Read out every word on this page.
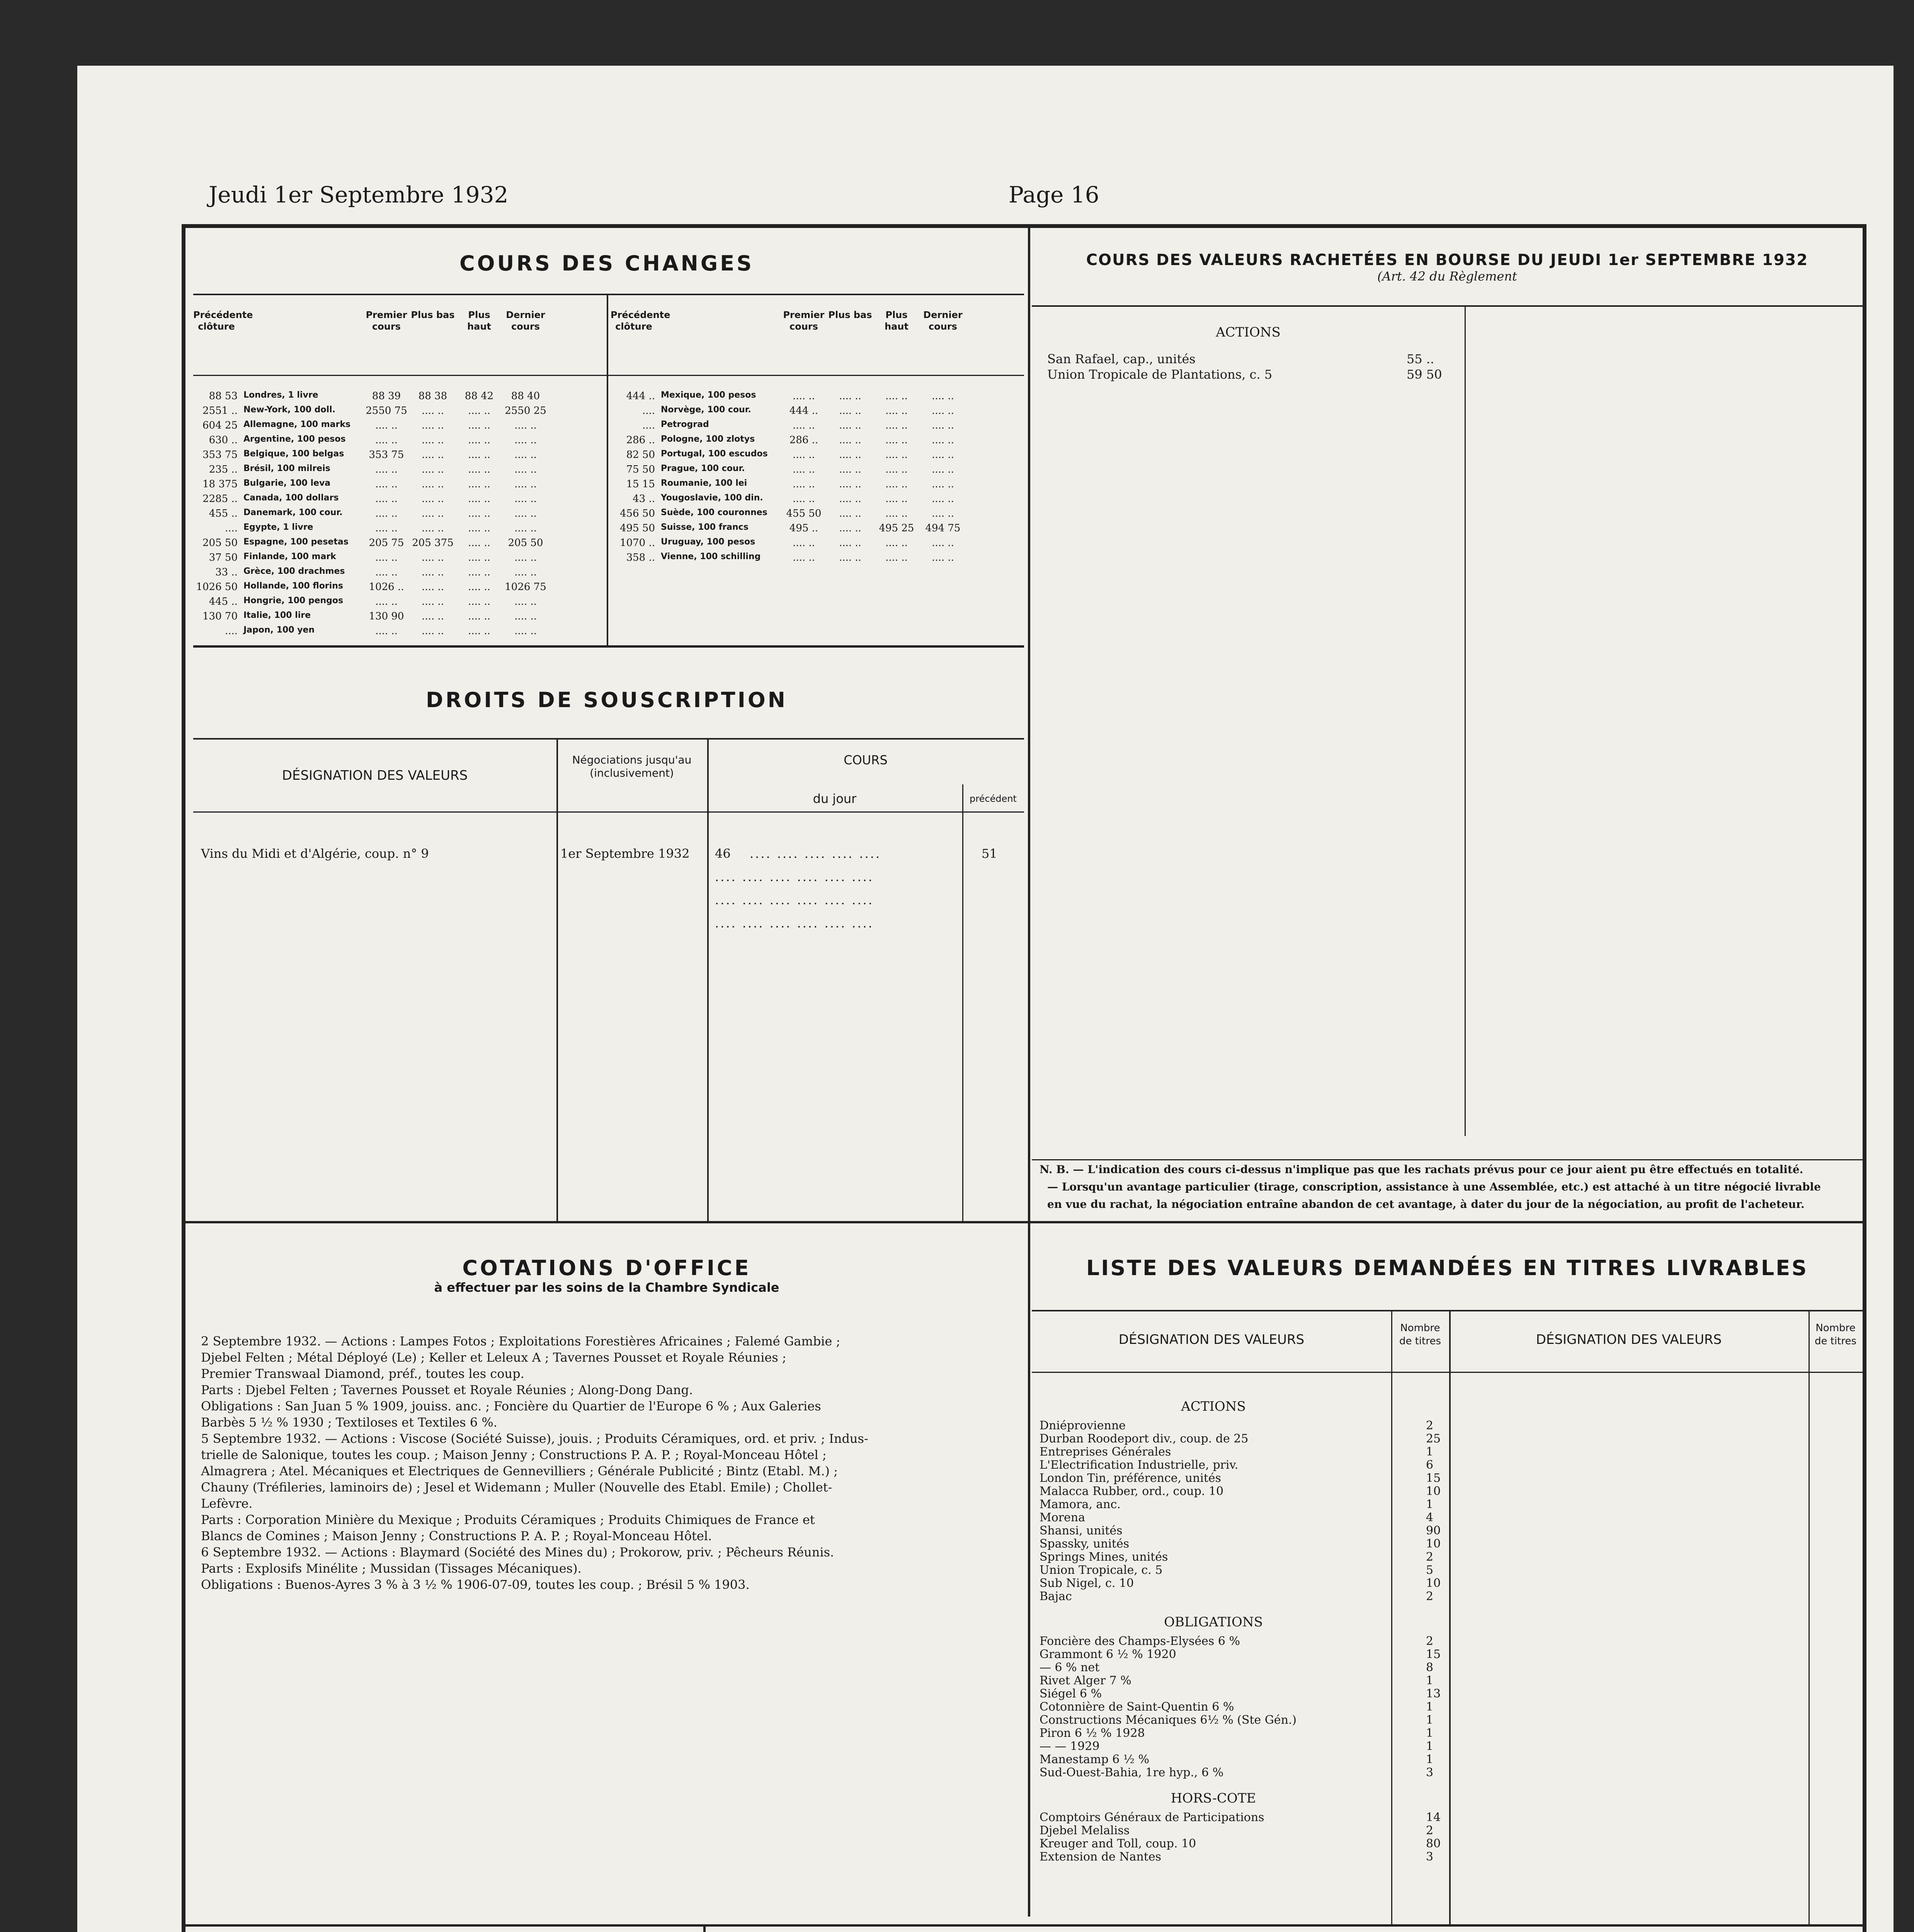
Jeudi 1er Septembre 1932	Page 16
COURS DES CHANGES
Précédente clôture
Premier cours
Plus bas	Plus haut
Dernier cours
88 53 Londres, 1 livre	88 39	88 38	88 42	88 40
2551 .. New-York, 100 doll.	2550 75	.... ..	.... ..	2550 25
604 25 Allemagne, 100 marks	.... ..	.... ..	.... ..	.... ..
630 .. Argentine, 100 pesos	.... ..	.... ..	.... ..	.... ..
353 75 Belgique, 100 belgas	353 75	.... ..	.... ..	.... ..
235 .. Brésil, 100 milreis	.... ..	.... ..	.... ..	.... ..
18 375 Bulgarie, 100 leva	.... ..	.... ..	.... ..	.... ..
2285 .. Canada, 100 dollars	.... ..	.... ..	.... ..	.... ..
455 .. Danemark, 100 cour.	.... ..	.... ..	.... ..	.... ..
.... Egypte, 1 livre	.... ..	.... ..	.... ..	.... ..
205 50 Espagne, 100 pesetas	205 75 205 375	.... ..	205 50
37 50 Finlande, 100 mark	.... ..	.... ..	.... ..	.... ..
33 .. Grèce, 100 drachmes	.... ..	.... ..	.... ..	.... ..
1026 50 Hollande, 100 florins	1026 ..	.... ..	.... ..	1026 75
445 .. Hongrie, 100 pengos	.... ..	.... ..	.... ..	.... ..
130 70 Italie, 100 lire	130 90	.... ..	.... ..	.... ..
.... Japon, 100 yen	.... ..	.... ..	.... ..	.... ..
Précédente clôture
Premier cours
Plus bas	Plus haut
Dernier cours
444 .. Mexique, 100 pesos	.... ..	.... ..	.... ..	.... ..
.... Norvège, 100 cour.	444 ..	.... ..	.... ..	.... ..
.... Petrograd	.... ..	.... ..	.... ..	.... ..
286 .. Pologne, 100 zlotys	286 ..	.... ..	.... ..	.... ..
82 50 Portugal, 100 escudos	.... ..	.... ..	.... ..	.... ..
75 50 Prague, 100 cour.	.... ..	.... ..	.... ..	.... ..
15 15 Roumanie, 100 lei	.... ..	.... ..	.... ..	.... ..
43 .. Yougoslavie, 100 din.	.... ..	.... ..	.... ..	.... ..
456 50 Suède, 100 couronnes	455 50	.... ..	.... ..	.... ..
495 50 Suisse, 100 francs	495 ..	.... ..	495 25	494 75
1070 .. Uruguay, 100 pesos	.... ..	.... ..	.... ..	.... ..
358 .. Vienne, 100 schilling	.... ..	.... ..	.... ..	.... ..
DROITS DE SOUSCRIPTION
DÉSIGNATION DES VALEURS
Négociations jusqu'au (inclusivement)
COURS
du jour	précédent
Vins du Midi et d'Algérie, coup. n° 9	1er Septembre 1932 46	51
.... .... .... .... ....
.... .... .... .... .... ....
.... .... .... .... .... ....
.... .... .... .... .... ....
COURS DES VALEURS RACHETÉES EN BOURSE DU JEUDI 1er SEPTEMBRE 1932
(Art. 42 du Règlement
ACTIONS
San Rafael, cap., unités	55 ..
Union Tropicale de Plantations, c. 5	59 50
N. B. — L'indication des cours ci-dessus n'implique pas que les rachats prévus pour ce jour aient pu être effectués en totalité.
— Lorsqu'un avantage particulier (tirage, conscription, assistance à une Assemblée, etc.) est attaché à un titre négocié livrable
en vue du rachat, la négociation entraîne abandon de cet avantage, à dater du jour de la négociation, au profit de l'acheteur.
COTATIONS D'OFFICE
à effectuer par les soins de la Chambre Syndicale
2 Septembre 1932. — Actions : Lampes Fotos ; Exploitations Forestières Africaines ; Falemé Gambie ;
Djebel Felten ; Métal Déployé (Le) ; Keller et Leleux A ; Tavernes Pousset et Royale Réunies ;
Premier Transwaal Diamond, préf., toutes les coup.
Parts : Djebel Felten ; Tavernes Pousset et Royale Réunies ; Along-Dong Dang.
Obligations : San Juan 5 % 1909, jouiss. anc. ; Foncière du Quartier de l'Europe 6 % ; Aux Galeries
Barbès 5 ½ % 1930 ; Textiloses et Textiles 6 %.
5 Septembre 1932. — Actions : Viscose (Société Suisse), jouis. ; Produits Céramiques, ord. et priv. ; Indus-
trielle de Salonique, toutes les coup. ; Maison Jenny ; Constructions P. A. P. ; Royal-Monceau Hôtel ;
Almagrera ; Atel. Mécaniques et Electriques de Gennevilliers ; Générale Publicité ; Bintz (Etabl. M.) ;
Chauny (Tréfileries, laminoirs de) ; Jesel et Widemann ; Muller (Nouvelle des Etabl. Emile) ; Chollet-
Lefèvre.
Parts : Corporation Minière du Mexique ; Produits Céramiques ; Produits Chimiques de France et
Blancs de Comines ; Maison Jenny ; Constructions P. A. P. ; Royal-Monceau Hôtel.
6 Septembre 1932. — Actions : Blaymard (Société des Mines du) ; Prokorow, priv. ; Pêcheurs Réunis.
Parts : Explosifs Minélite ; Mussidan (Tissages Mécaniques).
Obligations : Buenos-Ayres 3 % à 3 ½ % 1906-07-09, toutes les coup. ; Brésil 5 % 1903.
LISTE DES VALEURS DEMANDÉES EN TITRES LIVRABLES
DÉSIGNATION DES VALEURS
Nombre de titres	DÉSIGNATION DES VALEURS
Nombre de titres
ACTIONS
Dniéprovienne	2
Durban Roodeport div., coup. de 25	25
Entreprises Générales	1
L'Electrification Industrielle, priv.	6
London Tin, préférence, unités	15
Malacca Rubber, ord., coup. 10	10
Mamora, anc.	1
Morena	4
Shansi, unités	90
Spassky, unités	10
Springs Mines, unités	2
Union Tropicale, c. 5	5
Sub Nigel, c. 10	10
Bajac	2
OBLIGATIONS
Foncière des Champs-Elysées 6 %	2
Grammont 6 ½ % 1920	15
— 6 % net	8
Rivet Alger 7 %	1
Siégel 6 %	13
Cotonnière de Saint-Quentin 6 %	1
Constructions Mécaniques 6½ % (Ste Gén.)	1
Piron 6 ½ % 1928	1
— — 1929	1
Manestamp 6 ½ %	1
Sud-Ouest-Bahia, 1re hyp., 6 %	3
HORS-COTE
Comptoirs Généraux de Participations	14
Djebel Melaliss	2
Kreuger and Toll, coup. 10	80
Extension de Nantes	3
